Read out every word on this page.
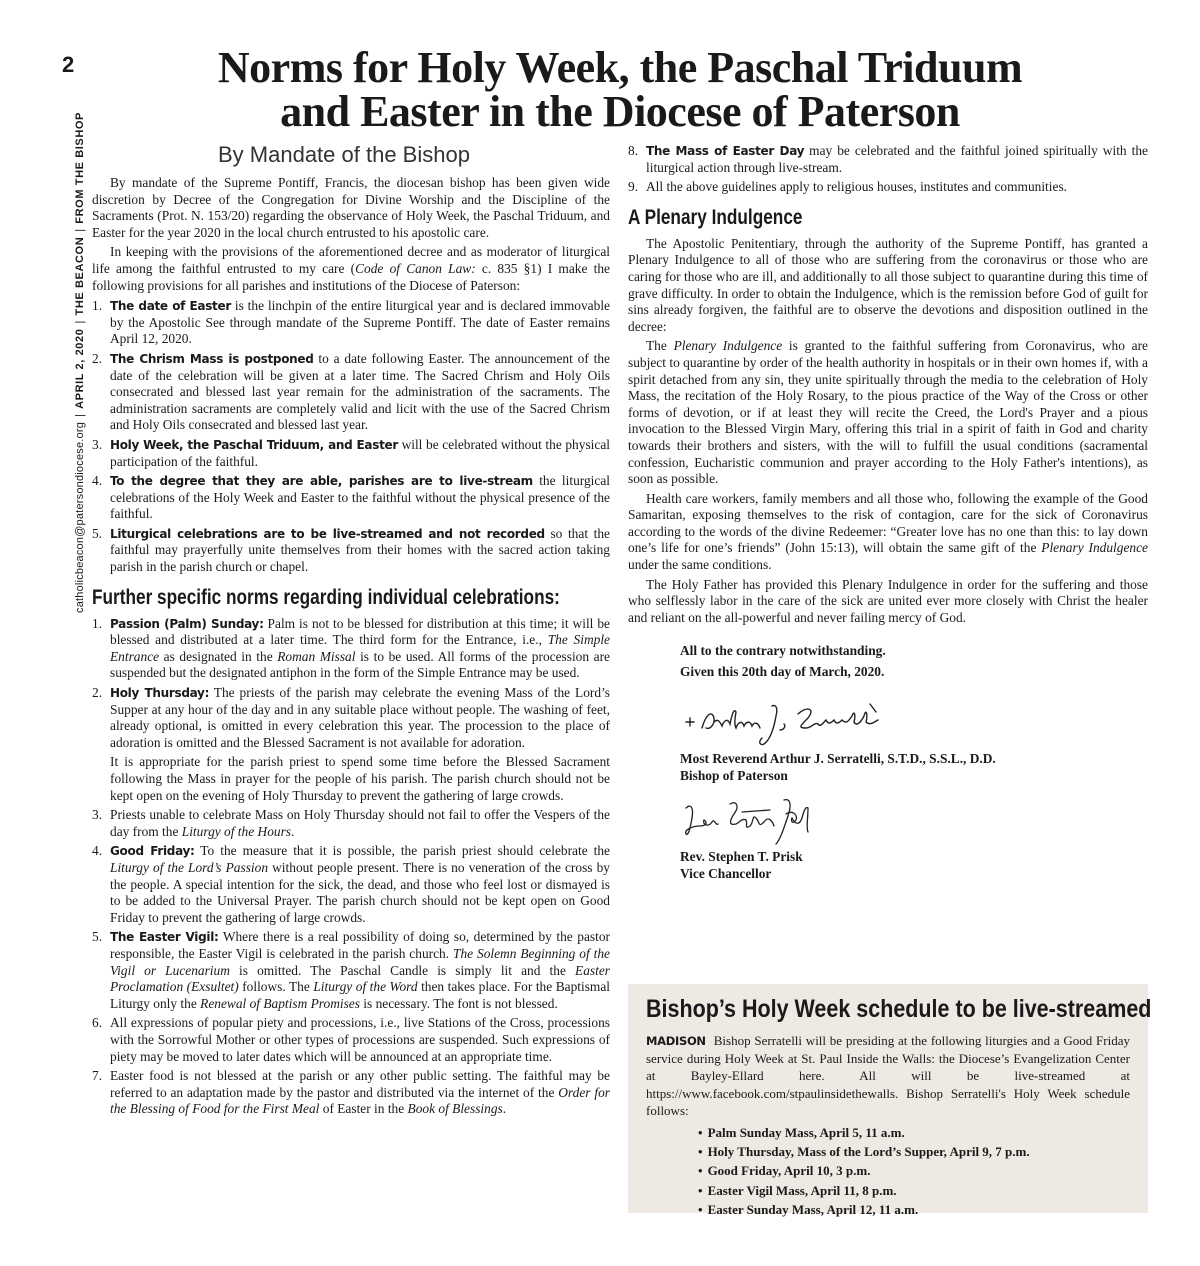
2
catholicbeacon@patersondiocese.org|APRIL 2, 2020|THE BEACON|FROM THE BISHOP
Norms for Holy Week, the Paschal Triduum
and Easter in the Diocese of Paterson
By Mandate of the Bishop

By mandate of the Supreme Pontiff, Francis, the diocesan bishop has been given wide discretion by Decree of the Congregation for Divine Worship and the Discipline of the Sacraments (Prot. N. 153/20) regarding the observance of Holy Week, the Paschal Triduum, and Easter for the year 2020 in the local church entrusted to his apostolic care.

In keeping with the provisions of the aforementioned decree and as moderator of liturgical life among the faithful entrusted to my care (Code of Canon Law: c. 835 §1) I make the following provisions for all parishes and institutions of the Diocese of Paterson:

1. The date of Easter is the linchpin of the entire liturgical year and is declared immovable by the Apostolic See through mandate of the Supreme Pontiff. The date of Easter remains April 12, 2020.
2. The Chrism Mass is postponed to a date following Easter. The announcement of the date of the celebration will be given at a later time. The Sacred Chrism and Holy Oils consecrated and blessed last year remain for the administration of the sacraments. The administration sacraments are completely valid and licit with the use of the Sacred Chrism and Holy Oils consecrated and blessed last year.
3. Holy Week, the Paschal Triduum, and Easter will be celebrated without the physical participation of the faithful.
4. To the degree that they are able, parishes are to live-stream the liturgical celebrations of the Holy Week and Easter to the faithful without the physical presence of the faithful.
5. Liturgical celebrations are to be live-streamed and not recorded so that the faithful may prayerfully unite themselves from their homes with the sacred action taking parish in the parish church or chapel.
Further specific norms regarding individual celebrations:
1. Passion (Palm) Sunday: Palm is not to be blessed for distribution at this time; it will be blessed and distributed at a later time. The third form for the Entrance, i.e., The Simple Entrance as designated in the Roman Missal is to be used. All forms of the procession are suspended but the designated antiphon in the form of the Simple Entrance may be used.
2. Holy Thursday: The priests of the parish may celebrate the evening Mass of the Lord’s Supper at any hour of the day and in any suitable place without people. The washing of feet, already optional, is omitted in every celebration this year. The procession to the place of adoration is omitted and the Blessed Sacrament is not available for adoration.

It is appropriate for the parish priest to spend some time before the Blessed Sacrament following the Mass in prayer for the people of his parish. The parish church should not be kept open on the evening of Holy Thursday to prevent the gathering of large crowds.

3. Priests unable to celebrate Mass on Holy Thursday should not fail to offer the Vespers of the day from the Liturgy of the Hours.
4. Good Friday: To the measure that it is possible, the parish priest should celebrate the Liturgy of the Lord’s Passion without people present. There is no veneration of the cross by the people. A special intention for the sick, the dead, and those who feel lost or dismayed is to be added to the Universal Prayer. The parish church should not be kept open on Good Friday to prevent the gathering of large crowds.
5. The Easter Vigil: Where there is a real possibility of doing so, determined by the pastor responsible, the Easter Vigil is celebrated in the parish church. The Solemn Beginning of the Vigil or Lucenarium is omitted. The Paschal Candle is simply lit and the Easter Proclamation (Exsultet) follows. The Liturgy of the Word then takes place. For the Baptismal Liturgy only the Renewal of Baptism Promises is necessary. The font is not blessed.
6. All expressions of popular piety and processions, i.e., live Stations of the Cross, processions with the Sorrowful Mother or other types of processions are suspended. Such expressions of piety may be moved to later dates which will be announced at an appropriate time.
7. Easter food is not blessed at the parish or any other public setting. The faithful may be referred to an adaptation made by the pastor and distributed via the internet of the Order for the Blessing of Food for the First Meal of Easter in the Book of Blessings.
8. The Mass of Easter Day may be celebrated and the faithful joined spiritually with the liturgical action through live-stream.
9. All the above guidelines apply to religious houses, institutes and communities.
A Plenary Indulgence

The Apostolic Penitentiary, through the authority of the Supreme Pontiff, has granted a Plenary Indulgence to all of those who are suffering from the coronavirus or those who are caring for those who are ill, and additionally to all those subject to quarantine during this time of grave difficulty. In order to obtain the Indulgence, which is the remission before God of guilt for sins already forgiven, the faithful are to observe the devotions and disposition outlined in the decree:

The Plenary Indulgence is granted to the faithful suffering from Coronavirus, who are subject to quarantine by order of the health authority in hospitals or in their own homes if, with a spirit detached from any sin, they unite spiritually through the media to the celebration of Holy Mass, the recitation of the Holy Rosary, to the pious practice of the Way of the Cross or other forms of devotion, or if at least they will recite the Creed, the Lord's Prayer and a pious invocation to the Blessed Virgin Mary, offering this trial in a spirit of faith in God and charity towards their brothers and sisters, with the will to fulfill the usual conditions (sacramental confession, Eucharistic communion and prayer according to the Holy Father's intentions), as soon as possible.

Health care workers, family members and all those who, following the example of the Good Samaritan, exposing themselves to the risk of contagion, care for the sick of Coronavirus according to the words of the divine Redeemer: “Greater love has no one than this: to lay down one’s life for one’s friends” (John 15:13), will obtain the same gift of the Plenary Indulgence under the same conditions.

The Holy Father has provided this Plenary Indulgence in order for the suffering and those who selflessly labor in the care of the sick are united ever more closely with Christ the healer and reliant on the all-powerful and never failing mercy of God.

All to the contrary notwithstanding.
Given this 20th day of March, 2020.
Most Reverend Arthur J. Serratelli, S.T.D., S.S.L., D.D.
Bishop of Paterson
Rev. Stephen T. Prisk
Vice Chancellor
Bishop’s Holy Week schedule to be live-streamed

MADISON Bishop Serratelli will be presiding at the following liturgies and a Good Friday service during Holy Week at St. Paul Inside the Walls: the Diocese’s Evangelization Center at Bayley-Ellard here. All will be live-streamed at https://www.facebook.com/stpaulinsidethewalls. Bishop Serratelli's Holy Week schedule follows:

• Palm Sunday Mass, April 5, 11 a.m.
• Holy Thursday, Mass of the Lord’s Supper, April 9, 7 p.m.
• Good Friday, April 10, 3 p.m.
• Easter Vigil Mass, April 11, 8 p.m.
• Easter Sunday Mass, April 12, 11 a.m.
